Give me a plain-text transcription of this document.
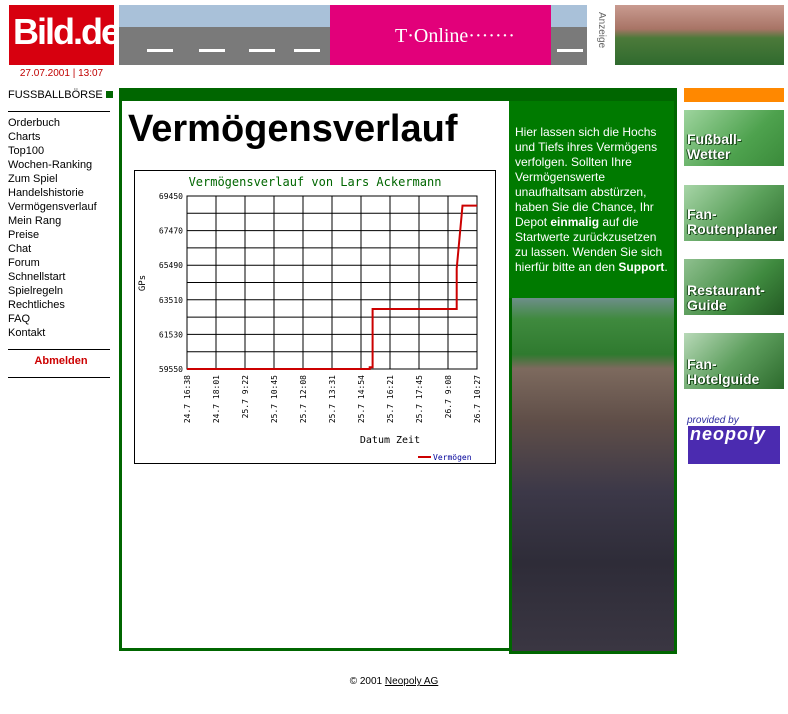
Bild.de
27.07.2001 | 13:07
T·Online·······	Anzeige
FUSSBALLBÖRSE
Orderbuch
Charts
Top100
Wochen-Ranking
Zum Spiel
Handelshistorie
Vermögensverlauf
Mein Rang
Preise
Chat
Forum
Schnellstart
Spielregeln
Rechtliches
FAQ
Kontakt
Abmelden
Vermögensverlauf
Vermögensverlauf von Lars Ackermann
24.7 16:38	24.7 18:01	25.7 9:22	25.7 10:45	25.7 12:08	25.7 13:31	25.7 14:54	25.7 16:21	25.7 17:45	26.7 9:08	26.7 10:27
59550
61530
63510
65490
67470
69450
GPs
Datum Zeit
Vermögen
Hier lassen sich die Hochs und Tiefs ihres Vermögens verfolgen. Sollten Ihre Vermögenswerte unaufhaltsam abstürzen, haben Sie die Chance, Ihr Depot einmalig auf die Startwerte zurückzusetzen zu lassen. Wenden Sie sich hierfür bitte an den Support.
Fußball-
Wetter
Fan-
Routenplaner
Restaurant-
Guide
Fan-
Hotelguide
provided by
neopoly
© 2001 Neopoly AG
